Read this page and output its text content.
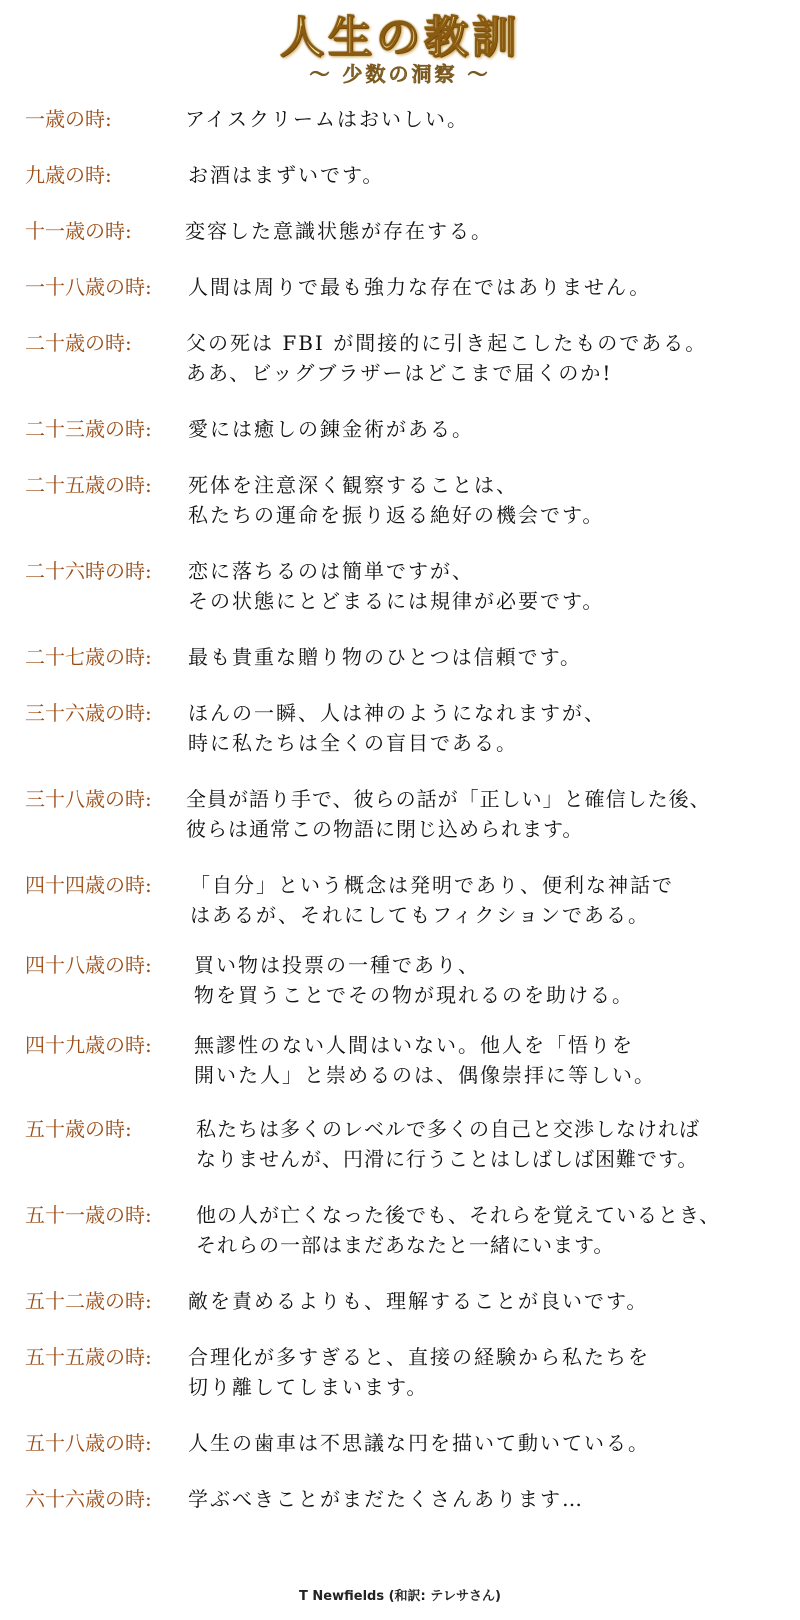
人生の教訓
〜 少数の洞察 〜
一歳の時:	アイスクリームはおいしい。
九歳の時:	お酒はまずいです。
十一歳の時:	変容した意識状態が存在する。
一十八歳の時: 人間は周りで最も強力な存在ではありません。
二十歳の時:	父の死は FBI が間接的に引き起こしたものである。
ああ、ビッグブラザーはどこまで届くのか!
二十三歳の時: 愛には癒しの錬金術がある。
二十五歳の時: 死体を注意深く観察することは、
私たちの運命を振り返る絶好の機会です。
二十六時の時: 恋に落ちるのは簡単ですが、
その状態にとどまるには規律が必要です。
二十七歳の時: 最も貴重な贈り物のひとつは信頼です。
三十六歳の時: ほんの一瞬、人は神のようになれますが、
時に私たちは全くの盲目である。
三十八歳の時: 全員が語り手で、彼らの話が「正しい」と確信した後、
彼らは通常この物語に閉じ込められます。
四十四歳の時: 「自分」という概念は発明であり、便利な神話で
はあるが、それにしてもフィクションである。
四十八歳の時: 買い物は投票の一種であり、
物を買うことでその物が現れるのを助ける。
四十九歳の時: 無謬性のない人間はいない。他人を「悟りを
開いた人」と崇めるのは、偶像崇拝に等しい。
五十歳の時:	私たちは多くのレベルで多くの自己と交渉しなければ
なりませんが、円滑に行うことはしばしば困難です。
五十一歳の時: 他の人が亡くなった後でも、それらを覚えているとき、
それらの一部はまだあなたと一緒にいます。
五十二歳の時: 敵を責めるよりも、理解することが良いです。
五十五歳の時: 合理化が多すぎると、直接の経験から私たちを
切り離してしまいます。
五十八歳の時: 人生の歯車は不思議な円を描いて動いている。
六十六歳の時: 学ぶべきことがまだたくさんあります…
T Newfields (和訳: テレサさん)
